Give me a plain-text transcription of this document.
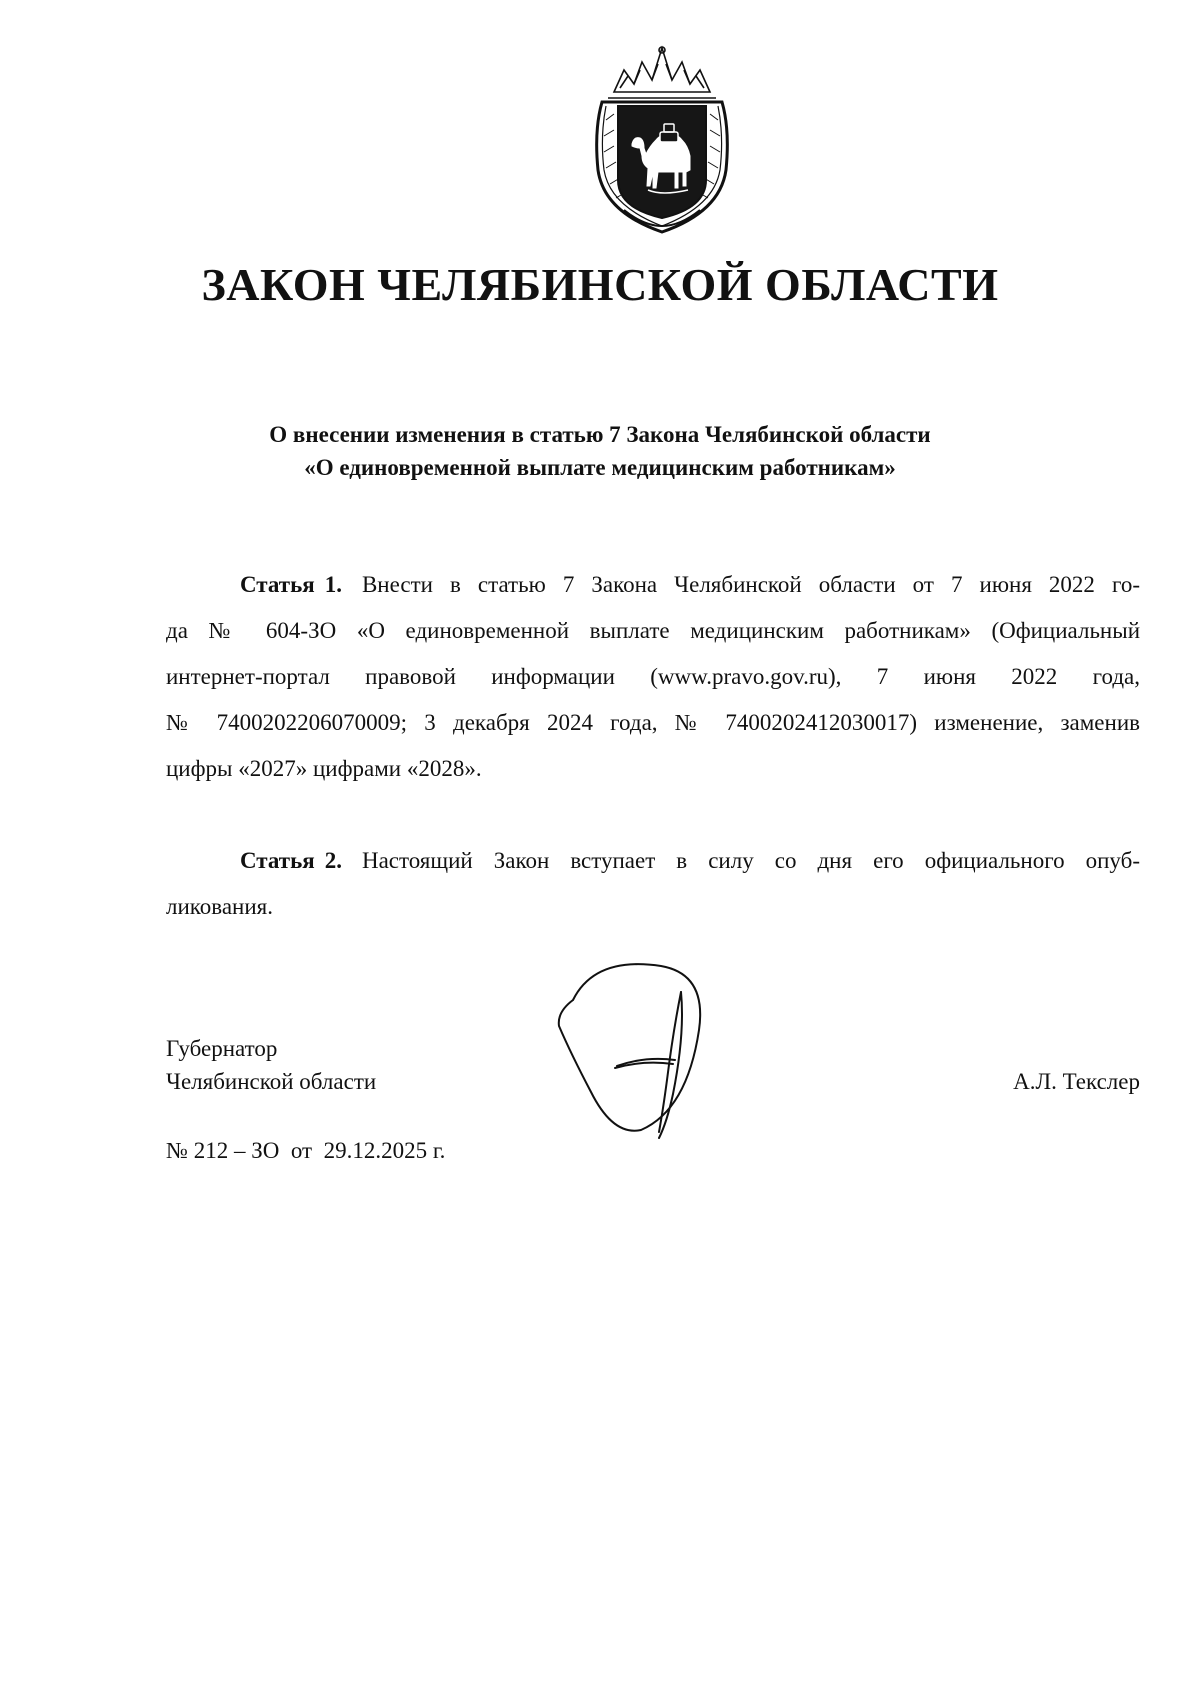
ЗАКОН ЧЕЛЯБИНСКОЙ ОБЛАСТИ
О внесении изменения в статью 7 Закона Челябинской области
«О единовременной выплате медицинским работникам»
Статья 1. Внести в статью 7 Закона Челябинской области от 7 июня 2022 го-
да № 604-ЗО «О единовременной выплате медицинским работникам» (Официальный
интернет-портал правовой информации (www.pravo.gov.ru), 7 июня 2022 года,
№ 7400202206070009; 3 декабря 2024 года, № 7400202412030017) изменение, заменив
цифры «2027» цифрами «2028».
Статья 2. Настоящий Закон вступает в силу со дня его официального опуб-
ликования.
Губернатор
Челябинской области	А.Л. Текслер
№ 212 – ЗО  от  29.12.2025 г.
